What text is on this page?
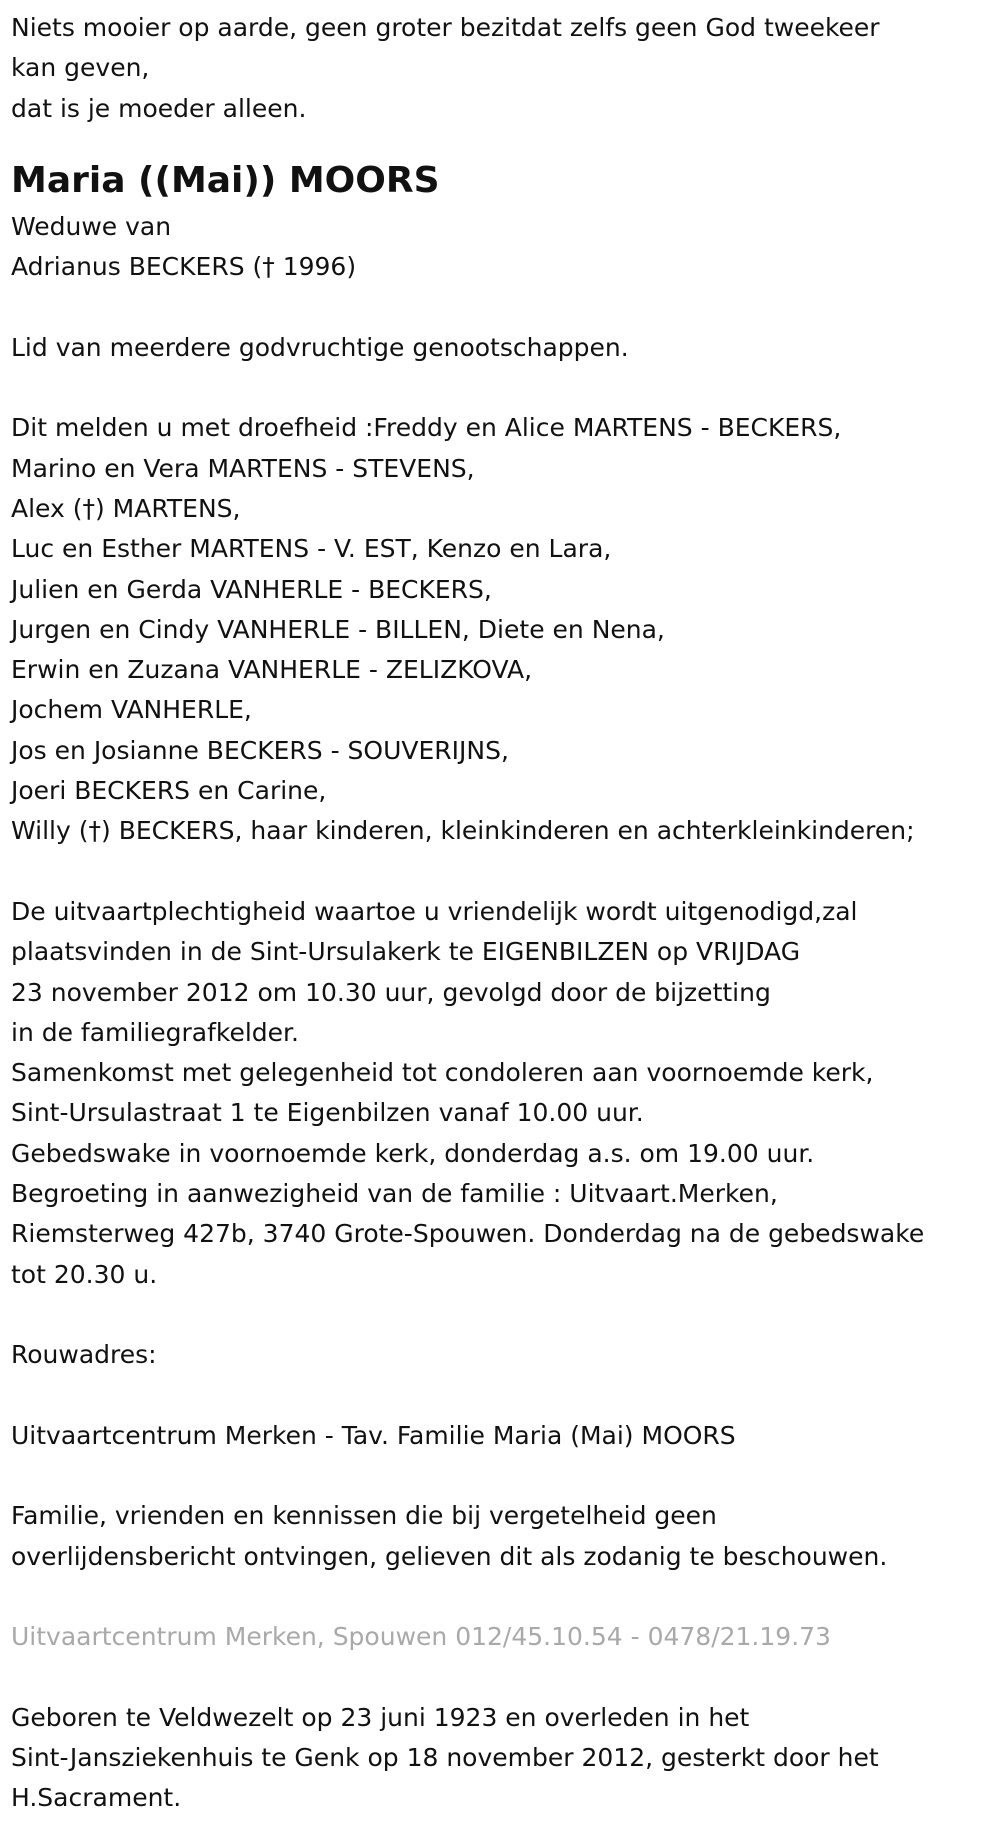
Niets mooier op aarde, geen groter bezitdat zelfs geen God tweekeer
kan geven,
dat is je moeder alleen.
Maria ((Mai)) MOORS
Weduwe van
Adrianus BECKERS († 1996)
Lid van meerdere godvruchtige genootschappen.
Dit melden u met droefheid :Freddy en Alice MARTENS - BECKERS,
Marino en Vera MARTENS - STEVENS,
Alex (†) MARTENS,
Luc en Esther MARTENS - V. EST, Kenzo en Lara,
Julien en Gerda VANHERLE - BECKERS,
Jurgen en Cindy VANHERLE - BILLEN, Diete en Nena,
Erwin en Zuzana VANHERLE - ZELIZKOVA,
Jochem VANHERLE,
Jos en Josianne BECKERS - SOUVERIJNS,
Joeri BECKERS en Carine,
Willy (†) BECKERS, haar kinderen, kleinkinderen en achterkleinkinderen;
De uitvaartplechtigheid waartoe u vriendelijk wordt uitgenodigd,zal
plaatsvinden in de Sint-Ursulakerk te EIGENBILZEN op VRIJDAG
23 november 2012 om 10.30 uur, gevolgd door de bijzetting
in de familiegrafkelder.
Samenkomst met gelegenheid tot condoleren aan voornoemde kerk,
Sint-Ursulastraat 1 te Eigenbilzen vanaf 10.00 uur.
Gebedswake in voornoemde kerk, donderdag a.s. om 19.00 uur.
Begroeting in aanwezigheid van de familie : Uitvaart.Merken,
Riemsterweg 427b, 3740 Grote-Spouwen. Donderdag na de gebedswake
tot 20.30 u.
Rouwadres:
Uitvaartcentrum Merken - Tav. Familie Maria (Mai) MOORS
Familie, vrienden en kennissen die bij vergetelheid geen
overlijdensbericht ontvingen, gelieven dit als zodanig te beschouwen.
Uitvaartcentrum Merken, Spouwen 012/45.10.54 - 0478/21.19.73
Geboren te Veldwezelt op 23 juni 1923 en overleden in het
Sint-Jansziekenhuis te Genk op 18 november 2012, gesterkt door het
H.Sacrament.
